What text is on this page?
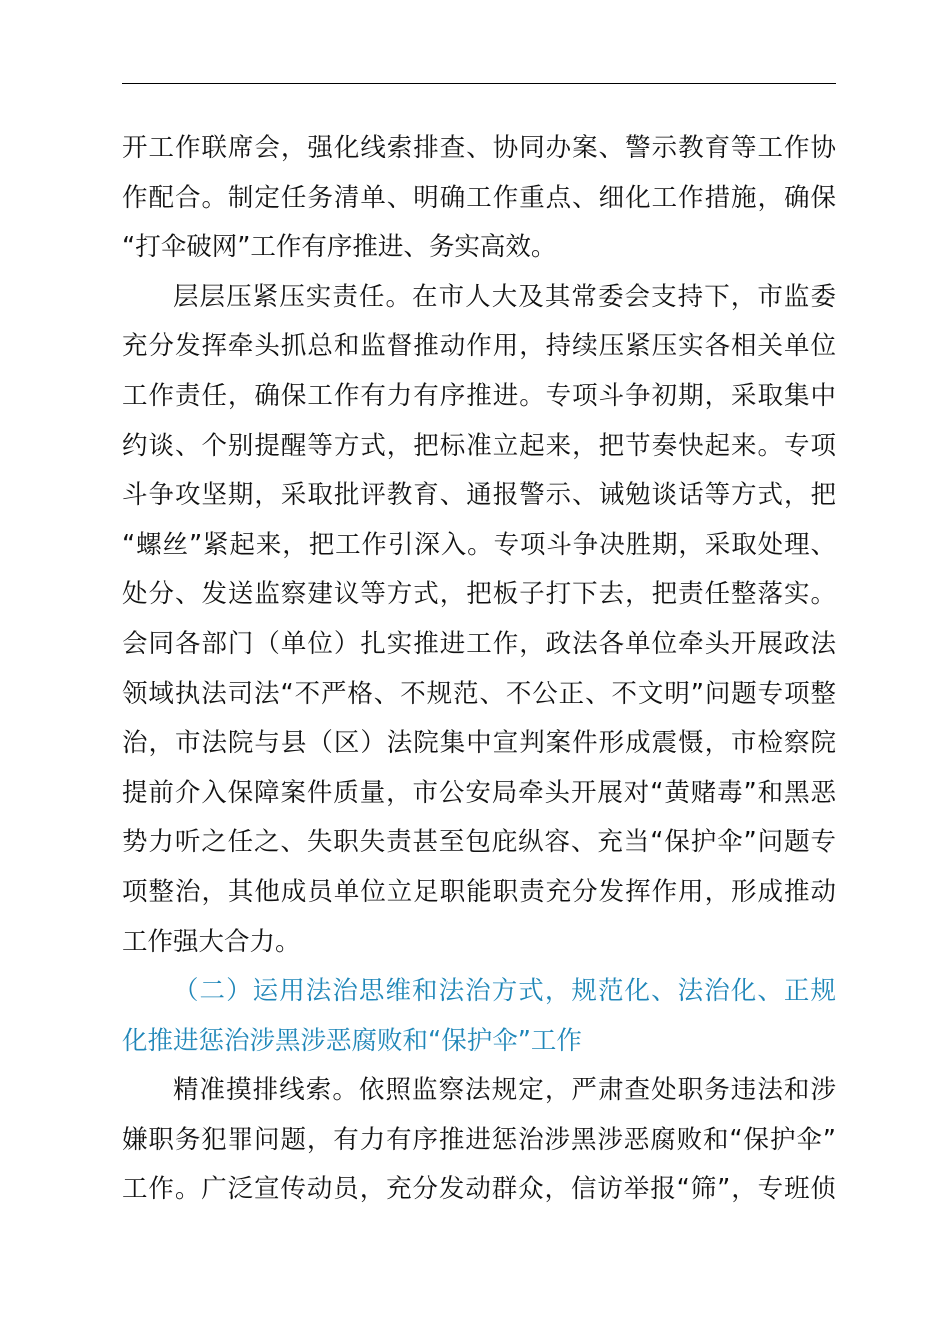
开工作联席会，强化线索排查、协同办案、警示教育等工作协
作配合。制定任务清单、明确工作重点、细化工作措施，确保
“打伞破网”工作有序推进、务实高效。
层层压紧压实责任。在市人大及其常委会支持下，市监委
充分发挥牵头抓总和监督推动作用，持续压紧压实各相关单位
工作责任，确保工作有力有序推进。专项斗争初期，采取集中
约谈、个别提醒等方式，把标准立起来，把节奏快起来。专项
斗争攻坚期，采取批评教育、通报警示、诫勉谈话等方式，把
“螺丝”紧起来，把工作引深入。专项斗争决胜期，采取处理、
处分、发送监察建议等方式，把板子打下去，把责任整落实。
会同各部门（单位）扎实推进工作，政法各单位牵头开展政法
领域执法司法“不严格、不规范、不公正、不文明”问题专项整
治，市法院与县（区）法院集中宣判案件形成震慑，市检察院
提前介入保障案件质量，市公安局牵头开展对“黄赌毒”和黑恶
势力听之任之、失职失责甚至包庇纵容、充当“保护伞”问题专
项整治，其他成员单位立足职能职责充分发挥作用，形成推动
工作强大合力。
（二）运用法治思维和法治方式，规范化、法治化、正规
化推进惩治涉黑涉恶腐败和“保护伞”工作
精准摸排线索。依照监察法规定，严肃查处职务违法和涉
嫌职务犯罪问题，有力有序推进惩治涉黑涉恶腐败和“保护伞”
工作。广泛宣传动员，充分发动群众，信访举报“筛”，专班侦
